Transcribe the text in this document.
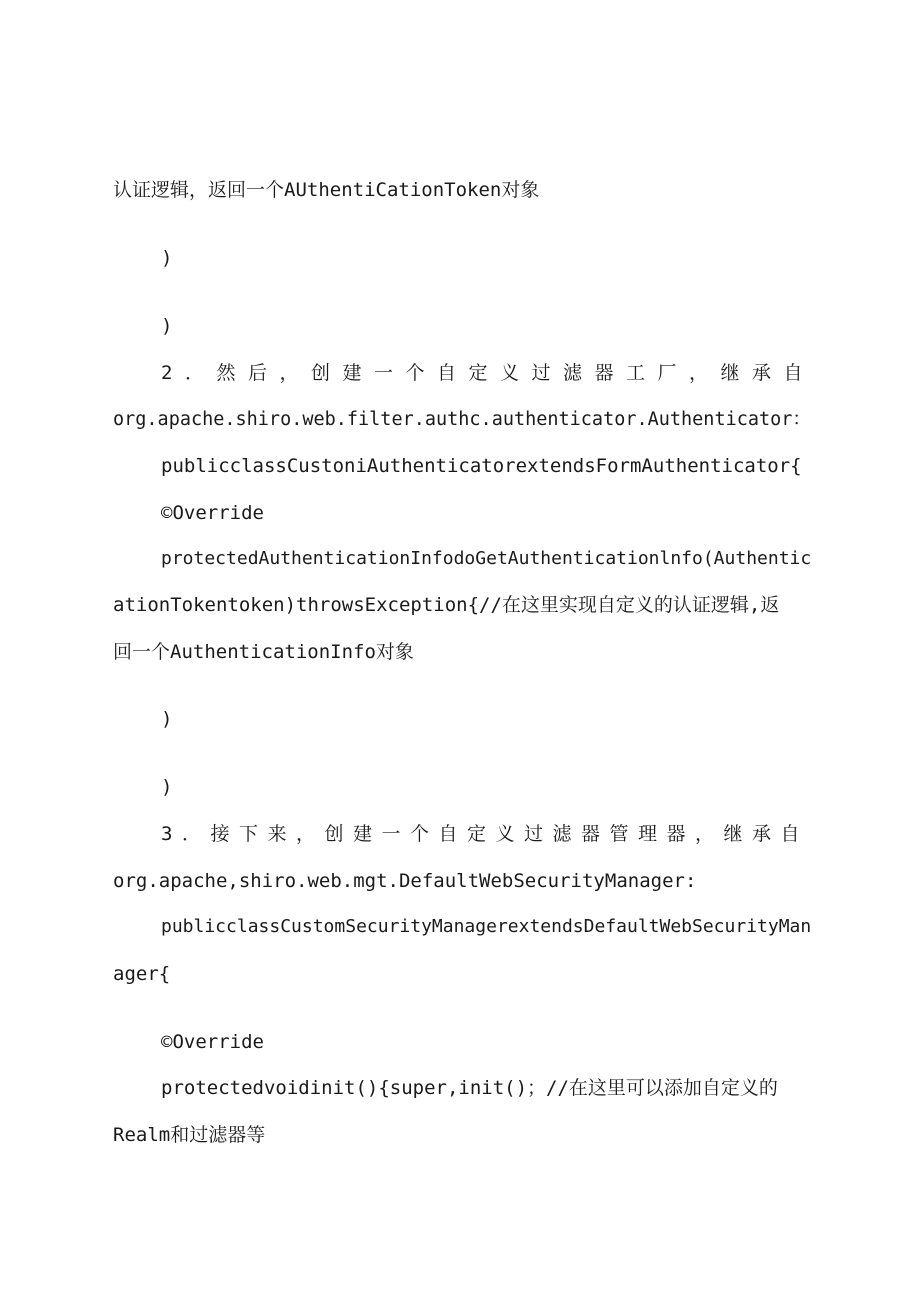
认证逻辑，返回一个AUthentiCationToken对象
)
)
2．然后，创建一个自定义过滤器工厂，继承自
org.apache.shiro.web.filter.authc.authenticator.Authenticator：
publicclassCustoniAuthenticatorextendsFormAuthenticator{
©Override
protectedAuthenticationInfodoGetAuthenticationlnfo(Authentic
ationTokentoken)throwsException{//在这里实现自定义的认证逻辑,返
回一个AuthenticationInfo对象
)
)
3．接下来，创建一个自定义过滤器管理器，继承自
org.apache,shiro.web.mgt.DefaultWebSecurityManager:
publicclassCustomSecurityManagerextendsDefaultWebSecurityMan
ager{
©Override
protectedvoidinit(){super,init()；//在这里可以添加自定义的
Realm和过滤器等
